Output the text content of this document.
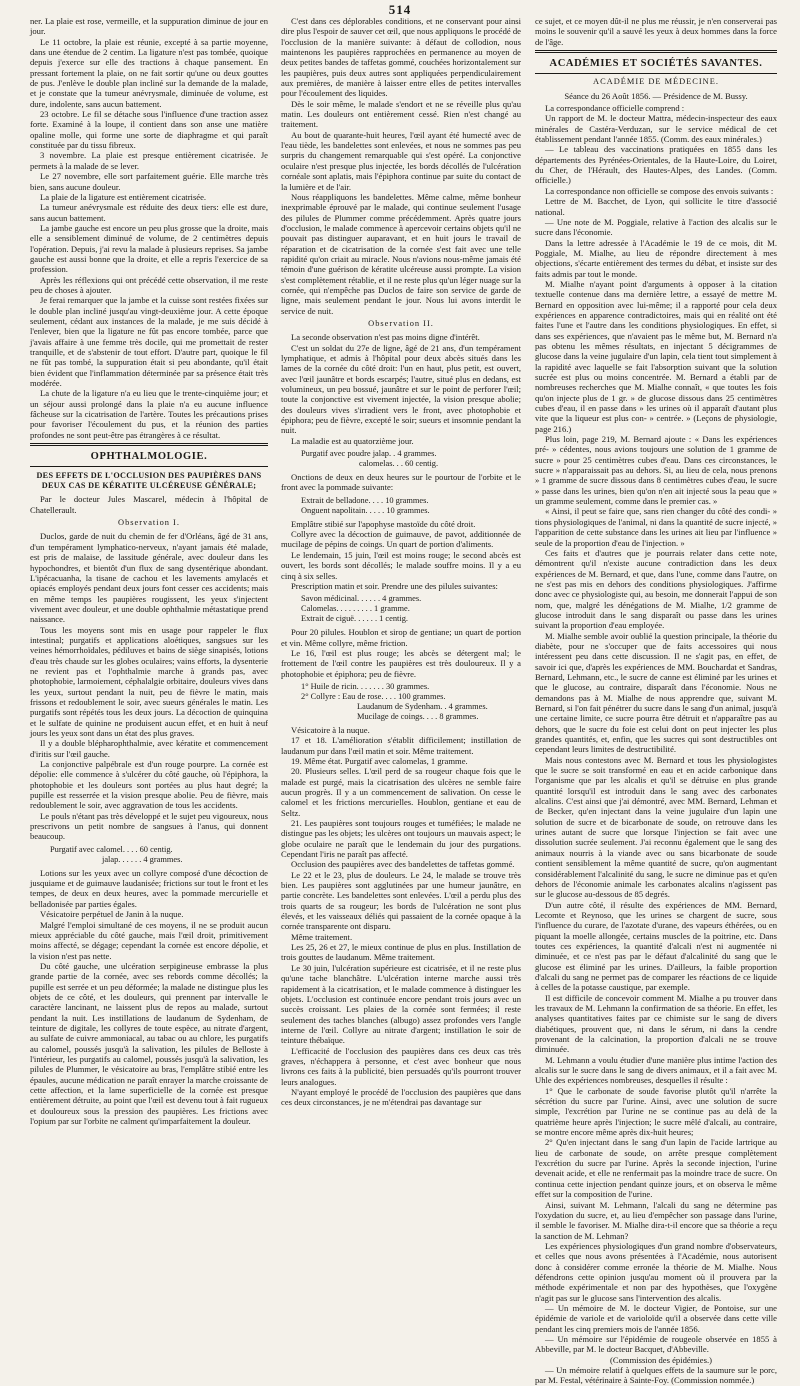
514

ner. La plaie est rose, vermeille, et la suppuration diminue de jour en jour.

Le 11 octobre, la plaie est réunie, excepté à sa partie moyenne, dans une étendue de 2 centim. La ligature n'est pas tombée, quoique depuis j'exerce sur elle des tractions à chaque pansement. En pressant fortement la plaie, on ne fait sortir qu'une ou deux gouttes de pus. J'enlève le double plan incliné sur la demande de la malade, et je constate que la tumeur anévrysmale, diminuée de volume, est dure, indolente, sans aucun battement.

23 octobre. Le fil se détache sous l'influence d'une traction assez forte. Examiné à la loupe, il contient dans son anse une matière opaline molle, qui forme une sorte de diaphragme et qui paraît constituée par du tissu fibreux.

3 novembre. La plaie est presque entièrement cicatrisée. Je permets à la malade de se lever.

Le 27 novembre, elle sort parfaitement guérie. Elle marche très bien, sans aucune douleur.

La plaie de la ligature est entièrement cicatrisée.

La tumeur anévrysmale est réduite des deux tiers: elle est dure, sans aucun battement.

La jambe gauche est encore un peu plus grosse que la droite, mais elle a sensiblement diminué de volume, de 2 centimètres depuis l'opération. Depuis, j'ai revu la malade à plusieurs reprises. Sa jambe gauche est aussi bonne que la droite, et elle a repris l'exercice de sa profession.

Après les réflexions qui ont précédé cette observation, il me reste peu de choses à ajouter.

Je ferai remarquer que la jambe et la cuisse sont restées fixées sur le double plan incliné jusqu'au vingt-deuxième jour. A cette époque seulement, cédant aux instances de la malade, je me suis décidé à l'enlever, bien que la ligature ne fût pas encore tombée, parce que j'avais affaire à une femme très docile, qui me promettait de rester tranquille, et de s'abstenir de tout effort. D'autre part, quoique le fil ne fût pas tombé, la suppuration était si peu abondante, qu'il était bien évident que l'inflammation déterminée par sa présence était très modérée.

La chute de la ligature n'a eu lieu que le trente-cinquième jour; et un séjour aussi prolongé dans la plaie n'a eu aucune influence fâcheuse sur la cicatrisation de l'artère. Toutes les précautions prises pour favoriser l'écoulement du pus, et la réunion des parties profondes ne sont peut-être pas étrangères à ce résultat.

OPHTHALMOLOGIE.
DES EFFETS DE L'OCCLUSION DES PAUPIÈRES DANS DEUX CAS DE KÉRATITE ULCÉREUSE GÉNÉRALE;

Par le docteur Jules Mascarel, médecin à l'hôpital de Chatellerault.

Observation I.

Duclos, garde de nuit du chemin de fer d'Orléans, âgé de 31 ans, d'un tempérament lymphatico-nerveux, n'ayant jamais été malade, est pris de malaise, de lassitude générale, avec douleur dans les hypochondres, et bientôt d'un flux de sang dysentérique abondant. L'ipécacuanha, la tisane de cachou et les lavements amylacés et opiacés employés pendant deux jours font cesser ces accidents; mais en même temps les paupières rougissent, les yeux s'injectent vivement avec douleur, et une double ophthalmie métastatique prend naissance.

Tous les moyens sont mis en usage pour rappeler le flux intestinal; purgatifs et applications aloétiques, sangsues sur les veines hémorrhoïdales, pédiluves et bains de siège sinapisés, lotions d'eau très chaude sur les globes oculaires; vains efforts, la dysenterie ne revient pas et l'ophthalmie marche à grands pas, avec photophobie, larmoiement, céphalalgie orbitaire, douleurs vives dans les yeux, surtout pendant la nuit, peu de fièvre le matin, mais frissons et redoublement le soir, avec sueurs générales le matin. Les purgatifs sont répétés tous les deux jours. La décoction de quinquina et le sulfate de quinine ne produisent aucun effet, et en huit à neuf jours les yeux sont dans un état des plus graves.

Il y a double blépharophthalmie, avec kératite et commencement d'iritis sur l'œil gauche.

La conjonctive palpébrale est d'un rouge pourpre. La cornée est dépolie: elle commence à s'ulcérer du côté gauche, où l'épiphora, la photophobie et les douleurs sont portées au plus haut degré; la pupille est resserrée et la vision presque abolie. Peu de fièvre, mais redoublement le soir, avec aggravation de tous les accidents.

Le pouls n'étant pas très développé et le sujet peu vigoureux, nous prescrivons un petit nombre de sangsues à l'anus, qui donnent beaucoup.

Purgatif avec calomel. . . . 60 centig.
jalap. . . . . . 4 grammes.

Lotions sur les yeux avec un collyre composé d'une décoction de jusquiame et de guimauve laudanisée; frictions sur tout le front et les tempes, de deux en deux heures, avec la pommade mercurielle et belladonisée par parties égales.

Vésicatoire perpétuel de Janin à la nuque.

Malgré l'emploi simultané de ces moyens, il ne se produit aucun mieux appréciable du côté gauche, mais l'œil droit, primitivement moins affecté, se dégage; cependant la cornée est encore dépolie, et la vision n'est pas nette.

Du côté gauche, une ulcération serpigineuse embrasse la plus grande partie de la cornée, avec ses rebords comme décollés; la pupille est serrée et un peu déformée; la malade ne distingue plus les objets de ce côté, et les douleurs, qui prennent par intervalle le caractère lancinant, ne laissent plus de repos au malade, surtout pendant la nuit. Les instillations de laudanum de Sydenham, de teinture de digitale, les collyres de toute espèce, au nitrate d'argent, au sulfate de cuivre ammoniacal, au tabac ou au chlore, les purgatifs au calomel, poussés jusqu'à la salivation, les pilules de Belloste à l'intérieur, les purgatifs au calomel, poussés jusqu'à la salivation, les pilules de Plummer, le vésicatoire au bras, l'emplâtre stibié entre les épaules, aucune médication ne paraît enrayer la marche croissante de cette affection, et la lame superficielle de la cornée est presque entièrement détruite, au point que l'œil est devenu tout à fait rugueux et douloureux sous la pression des paupières. Les frictions avec l'opium par sur l'orbite ne calment qu'imparfaitement la douleur.

C'est dans ces déplorables conditions, et ne conservant pour ainsi dire plus l'espoir de sauver cet œil, que nous appliquons le procédé de l'occlusion de la manière suivante: à défaut de collodion, nous maintenons les paupières rapprochées en permanence au moyen de deux petites bandes de taffetas gommé, couchées horizontalement sur les paupières, puis deux autres sont appliquées perpendiculairement aux premières, de manière à laisser entre elles de petites intervalles pour l'écoulement des liquides.

Dès le soir même, le malade s'endort et ne se réveille plus qu'au matin. Les douleurs ont entièrement cessé. Rien n'est changé au traitement.

Au bout de quarante-huit heures, l'œil ayant été humecté avec de l'eau tiède, les bandelettes sont enlevées, et nous ne sommes pas peu surpris du changement remarquable qui s'est opéré. La conjonctive oculaire n'est presque plus injectée, les bords décollés de l'ulcération cornéale sont aplatis, mais l'épiphora continue par suite du contact de la lumière et de l'air.

Nous réappliquons les bandelettes. Même calme, même bonheur inexprimable éprouvé par le malade, qui continue seulement l'usage des pilules de Plummer comme précédemment. Après quatre jours d'occlusion, le malade commence à apercevoir certains objets qu'il ne pouvait pas distinguer auparavant, et en huit jours le travail de réparation et de cicatrisation de la cornée s'est fait avec une telle rapidité qu'on criait au miracle. Nous n'avions nous-même jamais été témoin d'une guérison de kératite ulcéreuse aussi prompte. La vision s'est complètement rétablie, et il ne reste plus qu'un léger nuage sur la cornée, qui n'empêche pas Duclos de faire son service de garde de ligne, mais seulement pendant le jour. Nous lui avons interdit le service de nuit.

Observation II.

La seconde observation n'est pas moins digne d'intérêt.

C'est un soldat du 27e de ligne, âgé de 21 ans, d'un tempérament lymphatique, et admis à l'hôpital pour deux abcès situés dans les lames de la cornée du côté droit: l'un en haut, plus petit, est ouvert, avec l'œil jaunâtre et bords escarpés; l'autre, situé plus en dedans, est volumineux, un peu bossué, jaunâtre et sur le point de perforer l'œil; toute la conjonctive est vivement injectée, la vision presque abolie; des douleurs vives s'irradient vers le front, avec photophobie et épiphora; peu de fièvre, excepté le soir; sueurs et insomnie pendant la nuit.

La maladie est au quatorzième jour.

Purgatif avec poudre jalap. . 4 grammes.
calomelas. . . 60 centig.

Onctions de deux en deux heures sur le pourtour de l'orbite et le front avec la pommade suivante:

Extrait de belladone. . . . 10 grammes.
Onguent napolitain. . . . . 10 grammes.

Emplâtre stibié sur l'apophyse mastoïde du côté droit.

Collyre avec la décoction de guimauve, de pavot, additionnée de mucilage de pépins de coings. Un quart de portion d'aliments.

Le lendemain, 15 juin, l'œil est moins rouge; le second abcès est ouvert, les bords sont décollés; le malade souffre moins. Il y a eu cinq à six selles.

Prescription matin et soir. Prendre une des pilules suivantes:

Savon médicinal. . . . . . 4 grammes.
Calomelas. . . . . . . . . 1 gramme.
Extrait de ciguë. . . . . . 1 centig.

Pour 20 pilules. Houblon et sirop de gentiane; un quart de portion et vin. Même collyre, même friction.

Le 16, l'œil est plus rouge; les abcès se détergent mal; le frottement de l'œil contre les paupières est très douloureux. Il y a photophobie et épiphora; peu de fièvre.

1° Huile de ricin. . . . . . . 30 grammes.
2° Collyre : Eau de rose. . . . 100 grammes.
Laudanum de Sydenham. . 4 grammes.
Mucilage de coings. . . . 8 grammes.

Vésicatoire à la nuque.

17 et 18. L'amélioration s'établit difficilement; instillation de laudanum pur dans l'œil matin et soir. Même traitement.

19. Même état. Purgatif avec calomelas, 1 gramme.

20. Plusieurs selles. L'œil perd de sa rougeur chaque fois que le malade est purgé, mais la cicatrisation des ulcères ne semble faire aucun progrès. Il y a un commencement de salivation. On cesse le calomel et les frictions mercurielles. Houblon, gentiane et eau de Seltz.

21. Les paupières sont toujours rouges et tuméfiées; le malade ne distingue pas les objets; les ulcères ont toujours un mauvais aspect; le globe oculaire ne paraît que le lendemain du jour des purgations. Cependant l'iris ne paraît pas affecté.

Occlusion des paupières avec des bandelettes de taffetas gommé.

Le 22 et le 23, plus de douleurs. Le 24, le malade se trouve très bien. Les paupières sont agglutinées par une humeur jaunâtre, en partie concrète. Les bandelettes sont enlevées. L'œil a perdu plus des trois quarts de sa rougeur; les bords de l'ulcération ne sont plus élevés, et les vaisseaux déliés qui passaient de la cornée opaque à la cornée transparente ont disparu.

Même traitement.

Les 25, 26 et 27, le mieux continue de plus en plus. Instillation de trois gouttes de laudanum. Même traitement.

Le 30 juin, l'ulcération supérieure est cicatrisée, et il ne reste plus qu'une tache blanchâtre. L'ulcération interne marche aussi très rapidement à la cicatrisation, et le malade commence à distinguer les objets. L'occlusion est continuée encore pendant trois jours avec un succès croissant. Les plaies de la cornée sont fermées; il reste seulement des taches blanches (albugo) assez profondes vers l'angle interne de l'œil. Collyre au nitrate d'argent; instillation le soir de teinture thébaïque.

L'efficacité de l'occlusion des paupières dans ces deux cas très graves, n'échappera à personne, et c'est avec bonheur que nous livrons ces faits à la publicité, bien persuadés qu'ils pourront trouver leurs analogues.

N'ayant employé le procédé de l'occlusion des paupières que dans ces deux circonstances, je ne m'étendrai pas davantage sur

ce sujet, et ce moyen dût-il ne plus me réussir, je n'en conserverai pas moins le souvenir qu'il a sauvé les yeux à deux hommes dans la force de l'âge.

ACADÉMIES ET SOCIÉTÉS SAVANTES.
ACADÉMIE DE MÉDECINE.
Séance du 26 Août 1856. — Présidence de M. Bussy.

La correspondance officielle comprend :

Un rapport de M. le docteur Mattra, médecin-inspecteur des eaux minérales de Castéra-Verduzan, sur le service médical de cet établissement pendant l'année 1855. (Comm. des eaux minérales.)

— Le tableau des vaccinations pratiquées en 1855 dans les départements des Pyrénées-Orientales, de la Haute-Loire, du Loiret, du Cher, de l'Hérault, des Hautes-Alpes, des Landes. (Comm. officielle.)

La correspondance non officielle se compose des envois suivants :

Lettre de M. Bacchet, de Lyon, qui sollicite le titre d'associé national.

— Une note de M. Poggiale, relative à l'action des alcalis sur le sucre dans l'économie.

Dans la lettre adressée à l'Académie le 19 de ce mois, dit M. Poggiale, M. Mialhe, au lieu de répondre directement à mes objections, s'écarte entièrement des termes du débat, et insiste sur des faits admis par tout le monde.

M. Mialhe n'ayant point d'arguments à opposer à la citation textuelle contenue dans ma dernière lettre, a essayé de mettre M. Bernard en opposition avec lui-même; il a rapporté pour cela deux expériences en apparence contradictoires, mais qui en réalité ont été faites l'une et l'autre dans les conditions physiologiques. En effet, si dans ses expériences, que n'avaient pas le même but, M. Bernard n'a pas obtenu les mêmes résultats, en injectant 5 décigrammes de glucose dans la veine jugulaire d'un lapin, cela tient tout simplement à la rapidité avec laquelle se fait l'absorption suivant que la solution sucrée est plus ou moins concentrée. M. Bernard a établi par de nombreuses recherches que M. Mialhe connaît, « que toutes les fois qu'on injecte plus de 1 gr. » de glucose dissous dans 25 centimètres cubes d'eau, il en passe dans » les urines où il apparaît d'autant plus vite que la liqueur est plus con- » centrée. » (Leçons de physiologie, page 216.)

Plus loin, page 219, M. Bernard ajoute : « Dans les expériences pré- » cédentes, nous avions toujours une solution de 1 gramme de sucre » pour 25 centimètres cubes d'eau. Dans ces circonstances, le sucre » n'apparaissait pas au dehors. Si, au lieu de cela, nous prenons » 1 gramme de sucre dissous dans 8 centimètres cubes d'eau, le sucre » passe dans les urines, bien qu'on n'en ait injecté sous la peau que » un gramme seulement, comme dans le premier cas. »

« Ainsi, il peut se faire que, sans rien changer du côté des condi- » tions physiologiques de l'animal, ni dans la quantité de sucre injecté, » l'apparition de cette substance dans les urines ait lieu par l'influence » seule de la proportion d'eau de l'injection. »

Ces faits et d'autres que je pourrais relater dans cette note, démontrent qu'il n'existe aucune contradiction dans les deux expériences de M. Bernard, et que, dans l'une, comme dans l'autre, on ne s'est pas mis en dehors des conditions physiologiques. J'affirme donc avec ce physiologiste qui, au besoin, me donnerait l'appui de son nom, que, malgré les dénégations de M. Mialhe, 1/2 gramme de glucose introduit dans le sang disparaît ou passe dans les urines suivant la proportion d'eau employée.

M. Mialhe semble avoir oublié la question principale, la théorie du diabète, pour ne s'occuper que de faits accessoires qui nous intéressent peu dans cette discussion. Il ne s'agit pas, en effet, de savoir ici que, d'après les expériences de MM. Bouchardat et Sandras, Bernard, Lehmann, etc., le sucre de canne est éliminé par les urines et que le glucose, au contraire, disparaît dans l'économie. Nous ne demandons pas à M. Mialhe de nous apprendre que, suivant M. Bernard, si l'on fait pénétrer du sucre dans le sang d'un animal, jusqu'à une certaine limite, ce sucre pourra être détruit et n'apparaître pas au dehors, que le sucre du foie est celui dont on peut injecter les plus grandes quantités, et, enfin, que les sucres qui sont destructibles ont cependant leurs limites de destructibilité.

Mais nous contestons avec M. Bernard et tous les physiologistes que le sucre se soit transformé en eau et en acide carbonique dans l'organisme que par les alcalis et qu'il se détruise en plus grande quantité lorsqu'il est introduit dans le sang avec des carbonates alcalins. C'est ainsi que j'ai démontré, avec MM. Bernard, Lehman et de Becker, qu'en injectant dans la veine jugulaire d'un lapin une solution de sucre et de bicarbonate de soude, on retrouve dans les urines autant de sucre que lorsque l'injection se fait avec une dissolution sucrée seulement. J'ai reconnu également que le sang des animaux nourris à la viande avec ou sans bicarbonate de soude contient sensiblement la même quantité de sucre, qu'on augmentant considérablement l'alcalinité du sang, le sucre ne diminue pas et qu'en dehors de l'économie animale les carbonates alcalins n'agissent pas sur le glucose au-dessous de 85 degrés.

D'un autre côté, il résulte des expériences de MM. Bernard, Lecomte et Reynoso, que les urines se chargent de sucre, sous l'influence du curare, de l'azotate d'urane, des vapeurs éthérées, ou en piquant la moelle allongée, certains muscles de la poitrine, etc. Dans toutes ces expériences, la quantité d'alcali n'est ni augmentée ni diminuée, et ce n'est pas par le défaut d'alcalinité du sang que le glucose est éliminé par les urines. D'ailleurs, la faible proportion d'alcali du sang ne permet pas de comparer les réactions de ce liquide à celles de la potasse caustique, par exemple.

Il est difficile de concevoir comment M. Mialhe a pu trouver dans les travaux de M. Lehmann la confirmation de sa théorie. En effet, les analyses quantitatives faites par ce chimiste sur le sang de divers diabétiques, prouvent que, ni dans le sérum, ni dans la cendre provenant de la calcination, la proportion d'alcali ne se trouve diminuée.

M. Lehmann a voulu étudier d'une manière plus intime l'action des alcalis sur le sucre dans le sang de divers animaux, et il a fait avec M. Uhle des expériences nombreuses, desquelles il résulte :

1° Que le carbonate de soude favorise plutôt qu'il n'arrête la sécrétion du sucre par l'urine. Ainsi, avec une solution de sucre simple, l'excrétion par l'urine ne se continue pas au delà de la quatrième heure après l'injection; le sucre mêlé d'alcali, au contraire, se montre encore même après dix-huit heures;

2° Qu'en injectant dans le sang d'un lapin de l'acide lartrique au lieu de carbonate de soude, on arrête presque complètement l'excrétion du sucre par l'urine. Après la seconde injection, l'urine devenait acide, et elle ne renfermait pas la moindre trace de sucre. On continua cette injection pendant quinze jours, et on observa le même effet sur la composition de l'urine.

Ainsi, suivant M. Lehmann, l'alcali du sang ne détermine pas l'oxydation du sucre, et, au lieu d'empêcher son passage dans l'urine, il semble le favoriser. M. Mialhe dira-t-il encore que sa théorie a reçu la sanction de M. Lehman?

Les expériences physiologiques d'un grand nombre d'observateurs, et celles que nous avons présentées à l'Académie, nous autorisent donc à considérer comme erronée la théorie de M. Mialhe. Nous défendrons cette opinion jusqu'au moment où il prouvera par la méthode expérimentale et non par des hypothèses, que l'oxygène n'agit pas sur le glucose sans l'intervention des alcalis.

— Un mémoire de M. le docteur Vigier, de Pontoise, sur une épidémie de variole et de varioloïde qu'il a observée dans cette ville pendant les cinq premiers mois de l'année 1856.

— Un mémoire sur l'épidémie de rougeole observée en 1855 à Abbeville, par M. le docteur Bacquet, d'Abbeville.

(Commission des épidémies.)

— Un mémoire relatif à quelques effets de la saumure sur le porc, par M. Festal, vétérinaire à Sainte-Foy. (Commission nommée.)
